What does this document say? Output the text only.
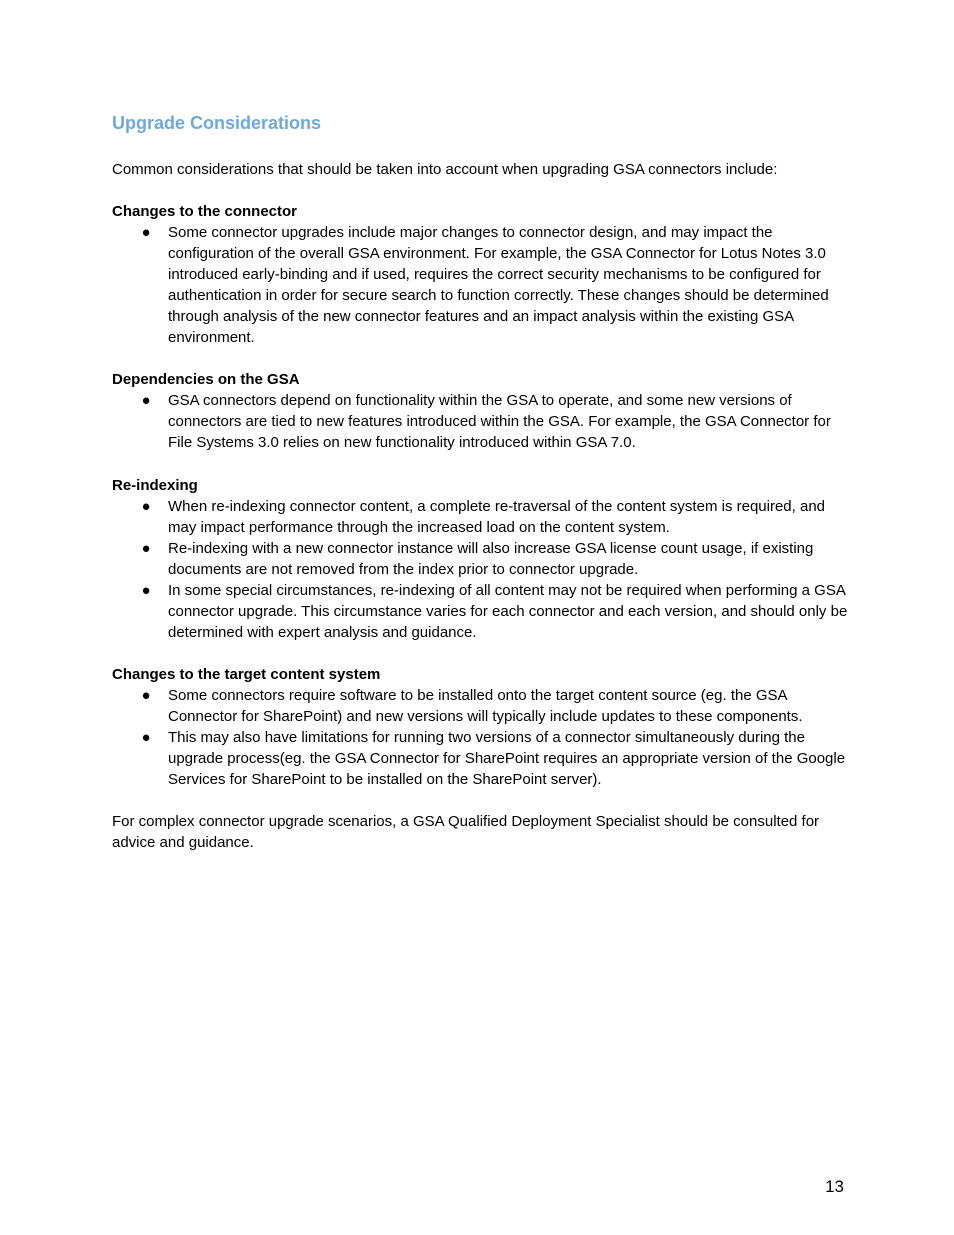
Upgrade Considerations

Common considerations that should be taken into account when upgrading GSA connectors include:

Changes to the connector

● Some connector upgrades include major changes to connector design, and may impact the configuration of the overall GSA environment. For example, the GSA Connector for Lotus Notes 3.0 introduced early-binding and if used, requires the correct security mechanisms to be configured for authentication in order for secure search to function correctly. These changes should be determined through analysis of the new connector features and an impact analysis within the existing GSA environment.

Dependencies on the GSA

● GSA connectors depend on functionality within the GSA to operate, and some new versions of connectors are tied to new features introduced within the GSA. For example, the GSA Connector for File Systems 3.0 relies on new functionality introduced within GSA 7.0.

Re-indexing

● When re-indexing connector content, a complete re-traversal of the content system is required, and may impact performance through the increased load on the content system.
● Re-indexing with a new connector instance will also increase GSA license count usage, if existing documents are not removed from the index prior to connector upgrade.
● In some special circumstances, re-indexing of all content may not be required when performing a GSA connector upgrade. This circumstance varies for each connector and each version, and should only be determined with expert analysis and guidance.

Changes to the target content system

● Some connectors require software to be installed onto the target content source (eg. the GSA Connector for SharePoint) and new versions will typically include updates to these components.
● This may also have limitations for running two versions of a connector simultaneously during the upgrade process(eg. the GSA Connector for SharePoint requires an appropriate version of the Google Services for SharePoint to be installed on the SharePoint server).

For complex connector upgrade scenarios, a GSA Qualified Deployment Specialist should be consulted for advice and guidance.

13
